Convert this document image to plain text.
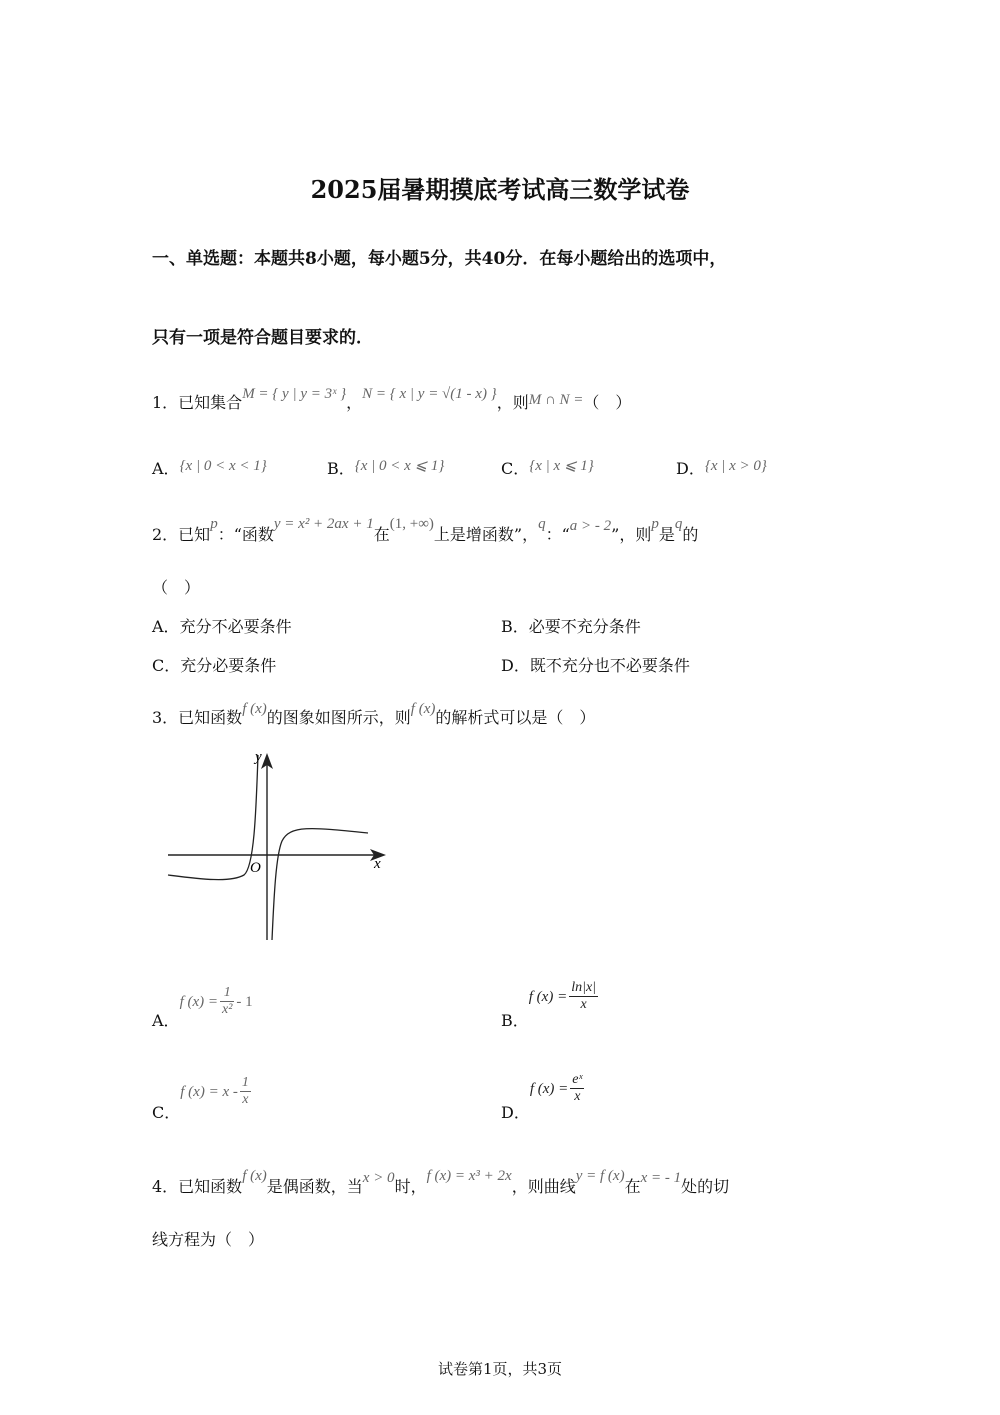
2025届暑期摸底考试高三数学试卷
一、单选题：本题共8小题，每小题5分，共40分．在每小题给出的选项中，
只有一项是符合题目要求的．
1．已知集合M = { y | y = 3ˣ }，N = { x | y = √(1 - x) }，则M ∩ N =（　）
A．{x | 0 < x < 1}	B．{x | 0 < x ⩽ 1}	C．{x | x ⩽ 1}	D．{x | x > 0}
2．已知p：“函数y = x² + 2ax + 1在(1, +∞)上是增函数”，q：“a > - 2”，则p是q的
（　）
A．充分不必要条件	B．必要不充分条件
C．充分必要条件	D．既不充分也不必要条件
3．已知函数f (x)的图象如图所示，则f (x)的解析式可以是（　）
y
x
O
A．f $(x) = \frac{1}{\text{x²}} - 1$
B．f $(x) = \frac{\ln|x|}{x}$
C．f $(x) = x - \frac{1}{x}$
D．f $(x) = \frac{\text{eˣ}}{x}$
4．已知函数f (x)是偶函数，当x > 0时，f (x) = x³ + 2x，则曲线y = f (x)在x = - 1处的切
线方程为（　）
试卷第1页，共3页
